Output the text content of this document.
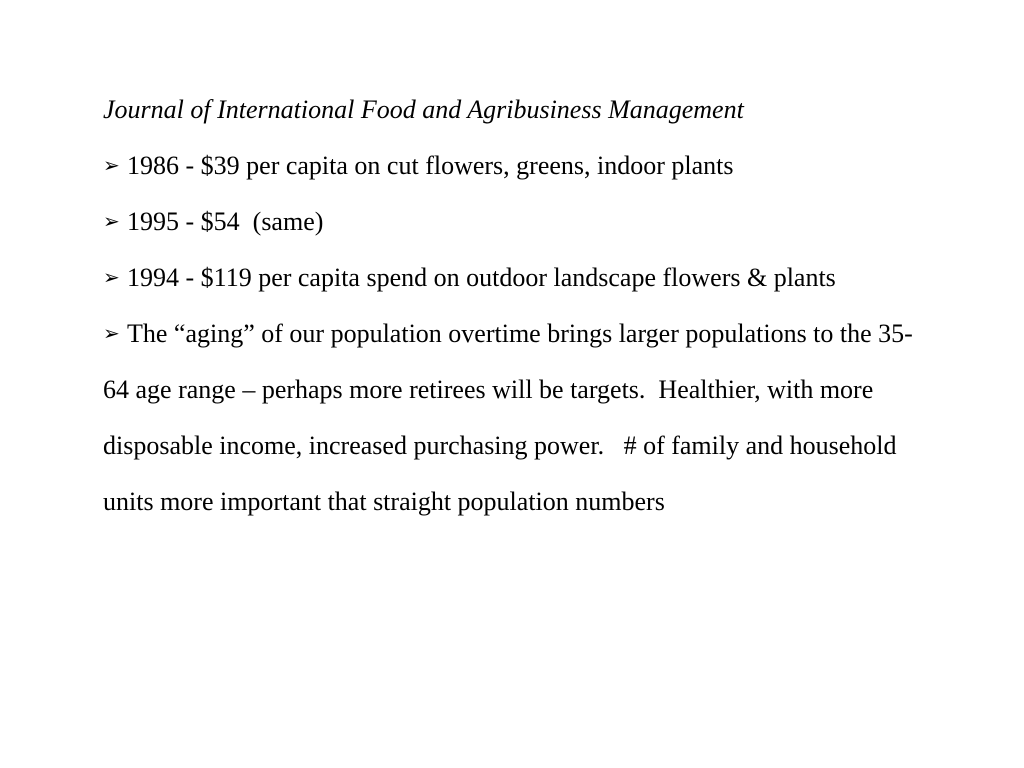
Journal of International Food and Agribusiness Management

➢ 1986 - $39 per capita on cut flowers, greens, indoor plants

➢ 1995 - $54  (same)

➢ 1994 - $119 per capita spend on outdoor landscape flowers & plants

➢ The “aging” of our population overtime brings larger populations to the 35-64 age range – perhaps more retirees will be targets.  Healthier, with more disposable income, increased purchasing power.   # of family and household units more important that straight population numbers
